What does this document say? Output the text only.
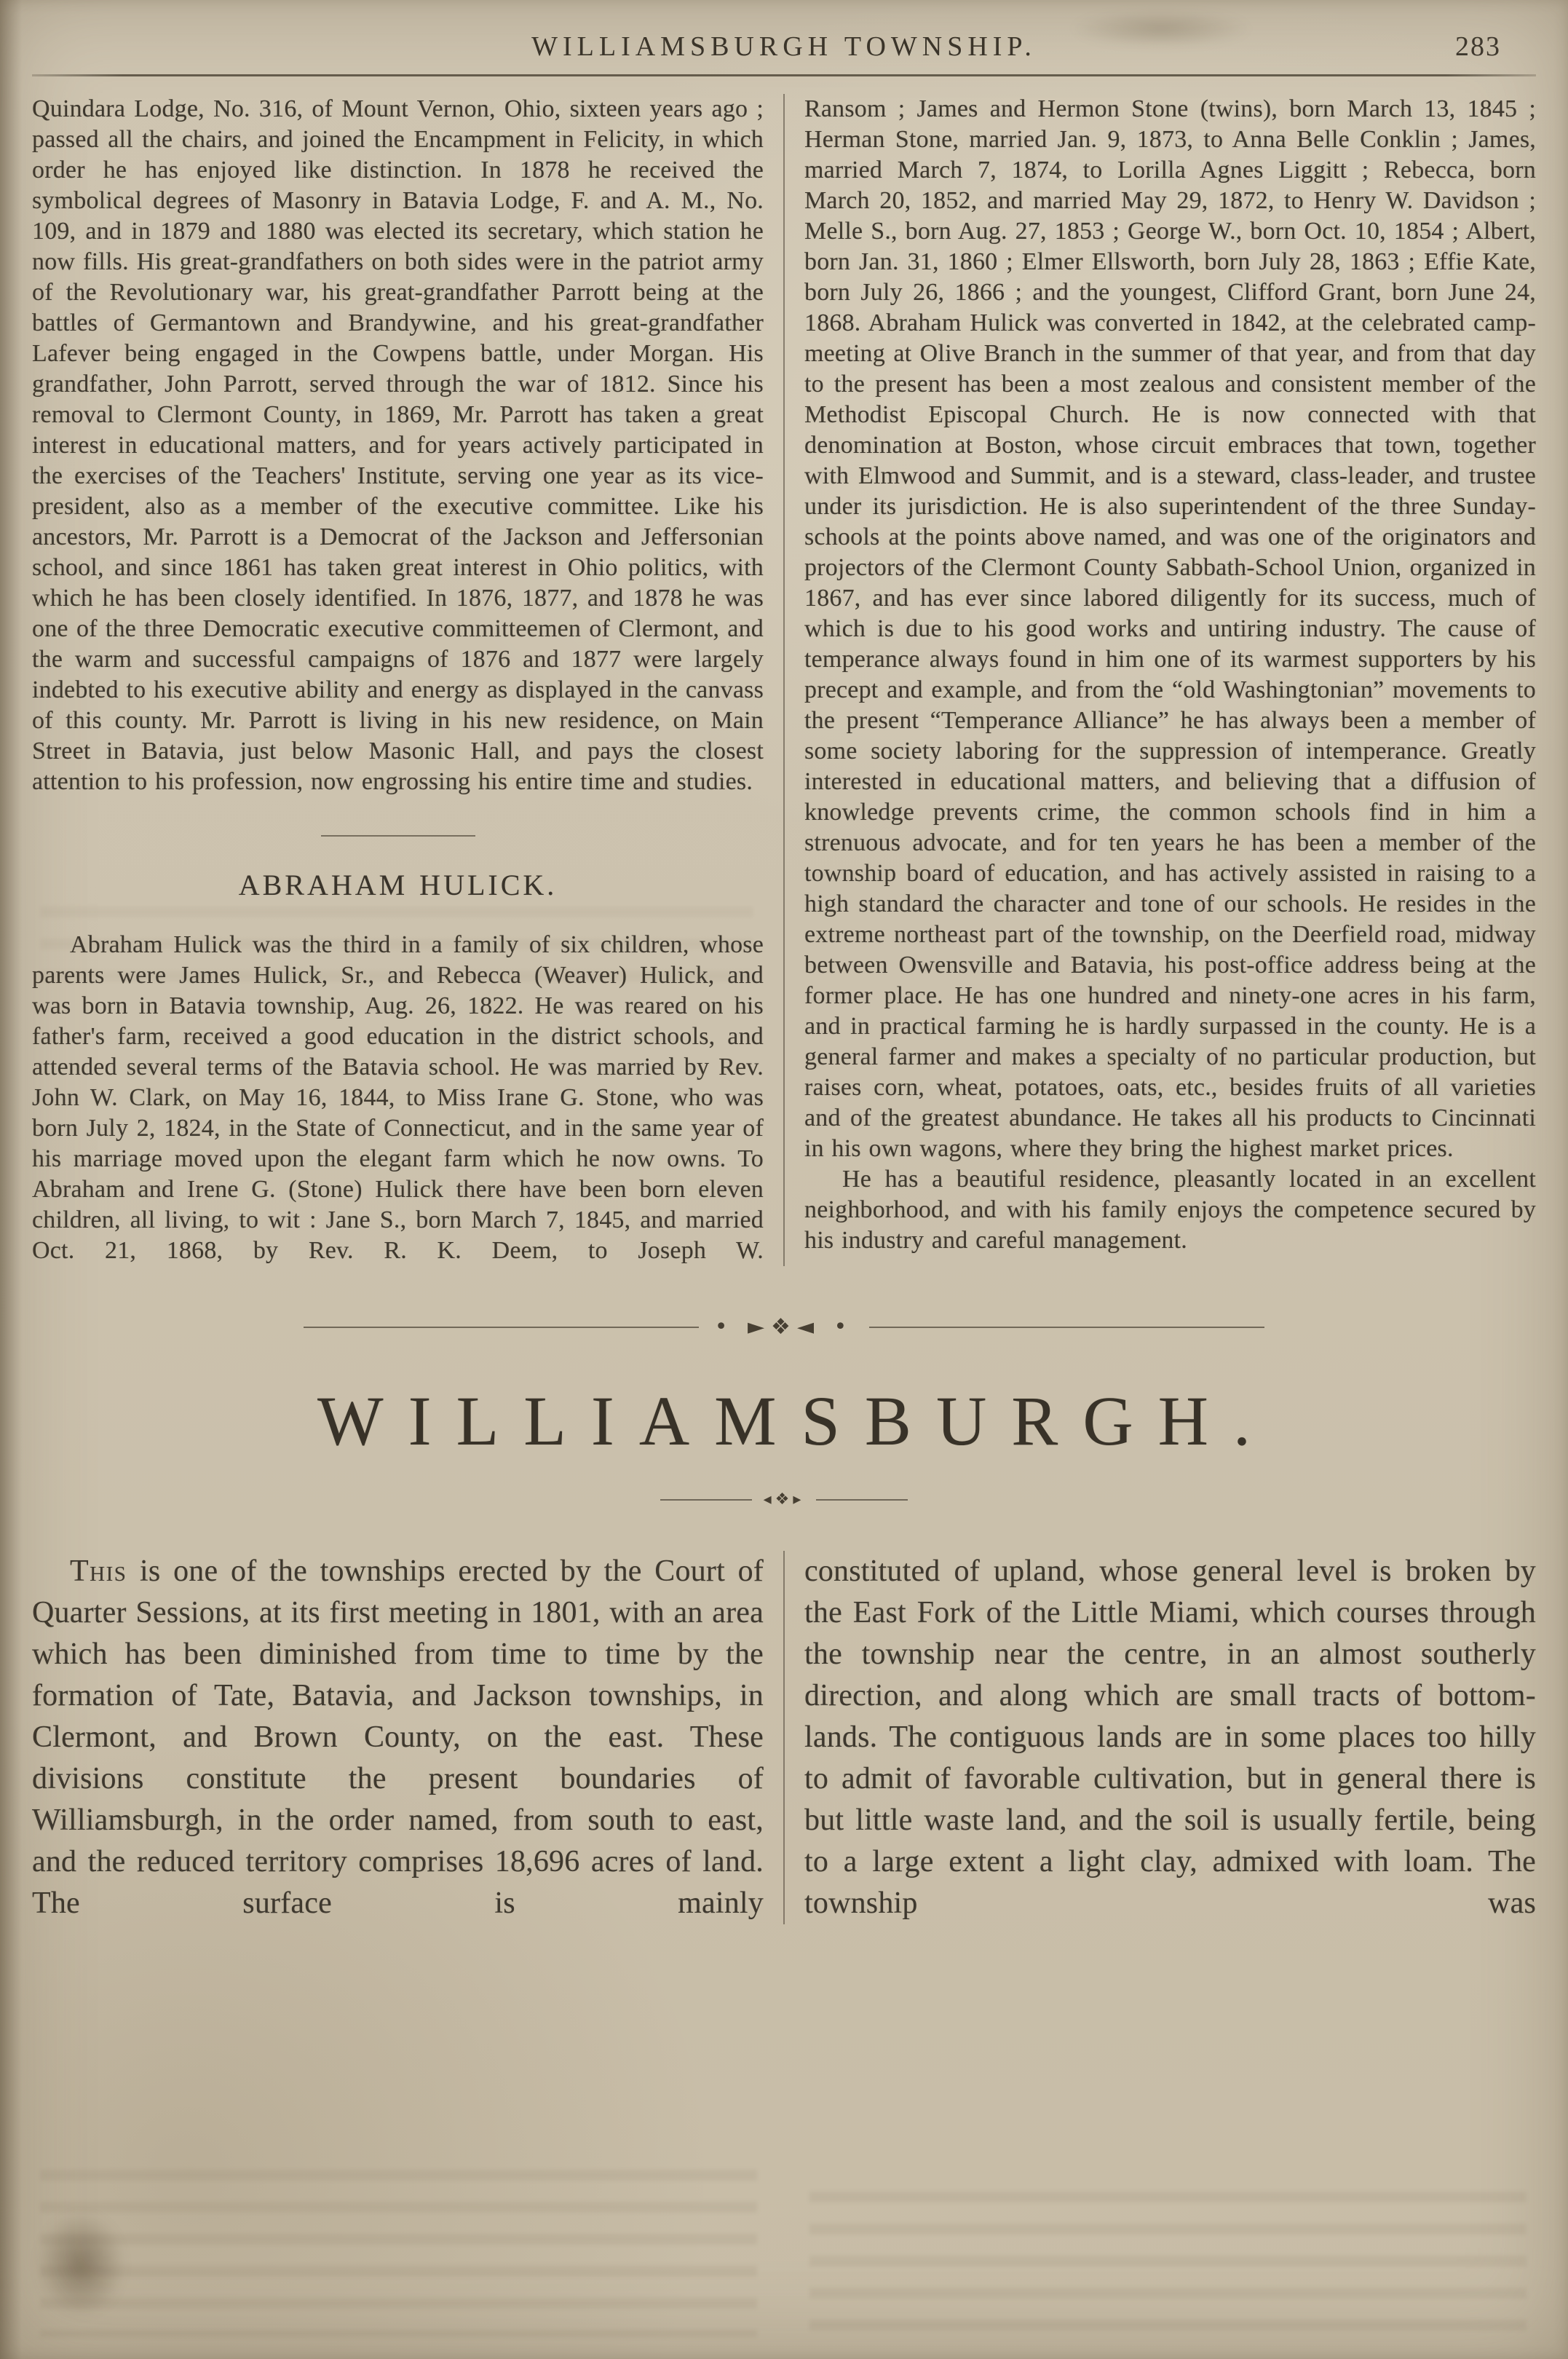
WILLIAMSBURGH TOWNSHIP.	283

Quindara Lodge, No. 316, of Mount Vernon, Ohio, sixteen years ago ; passed all the chairs, and joined the Encampment in Felicity, in which order he has enjoyed like distinction. In 1878 he received the symbolical degrees of Masonry in Batavia Lodge, F. and A. M., No. 109, and in 1879 and 1880 was elected its secretary, which station he now fills. His great-grandfathers on both sides were in the patriot army of the Revolutionary war, his great-grandfather Parrott being at the battles of Germantown and Brandywine, and his great-grandfather Lafever being engaged in the Cowpens battle, under Morgan. His grandfather, John Parrott, served through the war of 1812. Since his removal to Clermont County, in 1869, Mr. Parrott has taken a great interest in educational matters, and for years actively participated in the exercises of the Teachers' Institute, serving one year as its vice-president, also as a member of the executive committee. Like his ancestors, Mr. Parrott is a Democrat of the Jackson and Jeffersonian school, and since 1861 has taken great interest in Ohio politics, with which he has been closely identified. In 1876, 1877, and 1878 he was one of the three Democratic executive committeemen of Clermont, and the warm and successful campaigns of 1876 and 1877 were largely indebted to his executive ability and energy as displayed in the canvass of this county. Mr. Parrott is living in his new residence, on Main Street in Batavia, just below Masonic Hall, and pays the closest attention to his profession, now engrossing his entire time and studies.

ABRAHAM HULICK.

Abraham Hulick was the third in a family of six children, whose parents were James Hulick, Sr., and Rebecca (Weaver) Hulick, and was born in Batavia township, Aug. 26, 1822. He was reared on his father's farm, received a good education in the district schools, and attended several terms of the Batavia school. He was married by Rev. John W. Clark, on May 16, 1844, to Miss Irane G. Stone, who was born July 2, 1824, in the State of Connecticut, and in the same year of his marriage moved upon the elegant farm which he now owns. To Abraham and Irene G. (Stone) Hulick there have been born eleven children, all living, to wit : Jane S., born March 7, 1845, and married Oct. 21, 1868, by Rev. R. K. Deem, to Joseph W.

Ransom ; James and Hermon Stone (twins), born March 13, 1845 ; Herman Stone, married Jan. 9, 1873, to Anna Belle Conklin ; James, married March 7, 1874, to Lorilla Agnes Liggitt ; Rebecca, born March 20, 1852, and married May 29, 1872, to Henry W. Davidson ; Melle S., born Aug. 27, 1853 ; George W., born Oct. 10, 1854 ; Albert, born Jan. 31, 1860 ; Elmer Ellsworth, born July 28, 1863 ; Effie Kate, born July 26, 1866 ; and the youngest, Clifford Grant, born June 24, 1868. Abraham Hulick was converted in 1842, at the celebrated camp-meeting at Olive Branch in the summer of that year, and from that day to the present has been a most zealous and consistent member of the Methodist Episcopal Church. He is now connected with that denomination at Boston, whose circuit embraces that town, together with Elmwood and Summit, and is a steward, class-leader, and trustee under its jurisdiction. He is also superintendent of the three Sunday-schools at the points above named, and was one of the originators and projectors of the Clermont County Sabbath-School Union, organized in 1867, and has ever since labored diligently for its success, much of which is due to his good works and untiring industry. The cause of temperance always found in him one of its warmest supporters by his precept and example, and from the “old Washingtonian” movements to the present “Temperance Alliance” he has always been a member of some society laboring for the suppression of intemperance. Greatly interested in educational matters, and believing that a diffusion of knowledge prevents crime, the common schools find in him a strenuous advocate, and for ten years he has been a member of the township board of education, and has actively assisted in raising to a high standard the character and tone of our schools. He resides in the extreme northeast part of the township, on the Deerfield road, midway between Owensville and Batavia, his post-office address being at the former place. He has one hundred and ninety-one acres in his farm, and in practical farming he is hardly surpassed in the county. He is a general farmer and makes a specialty of no particular production, but raises corn, wheat, potatoes, oats, etc., besides fruits of all varieties and of the greatest abundance. He takes all his products to Cincinnati in his own wagons, where they bring the highest market prices.

He has a beautiful residence, pleasantly located in an excellent neighborhood, and with his family enjoys the competence secured by his industry and careful management.

• ►❖◄ •
WILLIAMSBURGH.
◂❖▸

This is one of the townships erected by the Court of Quarter Sessions, at its first meeting in 1801, with an area which has been diminished from time to time by the formation of Tate, Batavia, and Jackson townships, in Clermont, and Brown County, on the east. These divisions constitute the present boundaries of Williamsburgh, in the order named, from south to east, and the reduced territory comprises 18,696 acres of land. The surface is mainly

constituted of upland, whose general level is broken by the East Fork of the Little Miami, which courses through the township near the centre, in an almost southerly direction, and along which are small tracts of bottom-lands. The contiguous lands are in some places too hilly to admit of favorable cultivation, but in general there is but little waste land, and the soil is usually fertile, being to a large extent a light clay, admixed with loam. The township was
